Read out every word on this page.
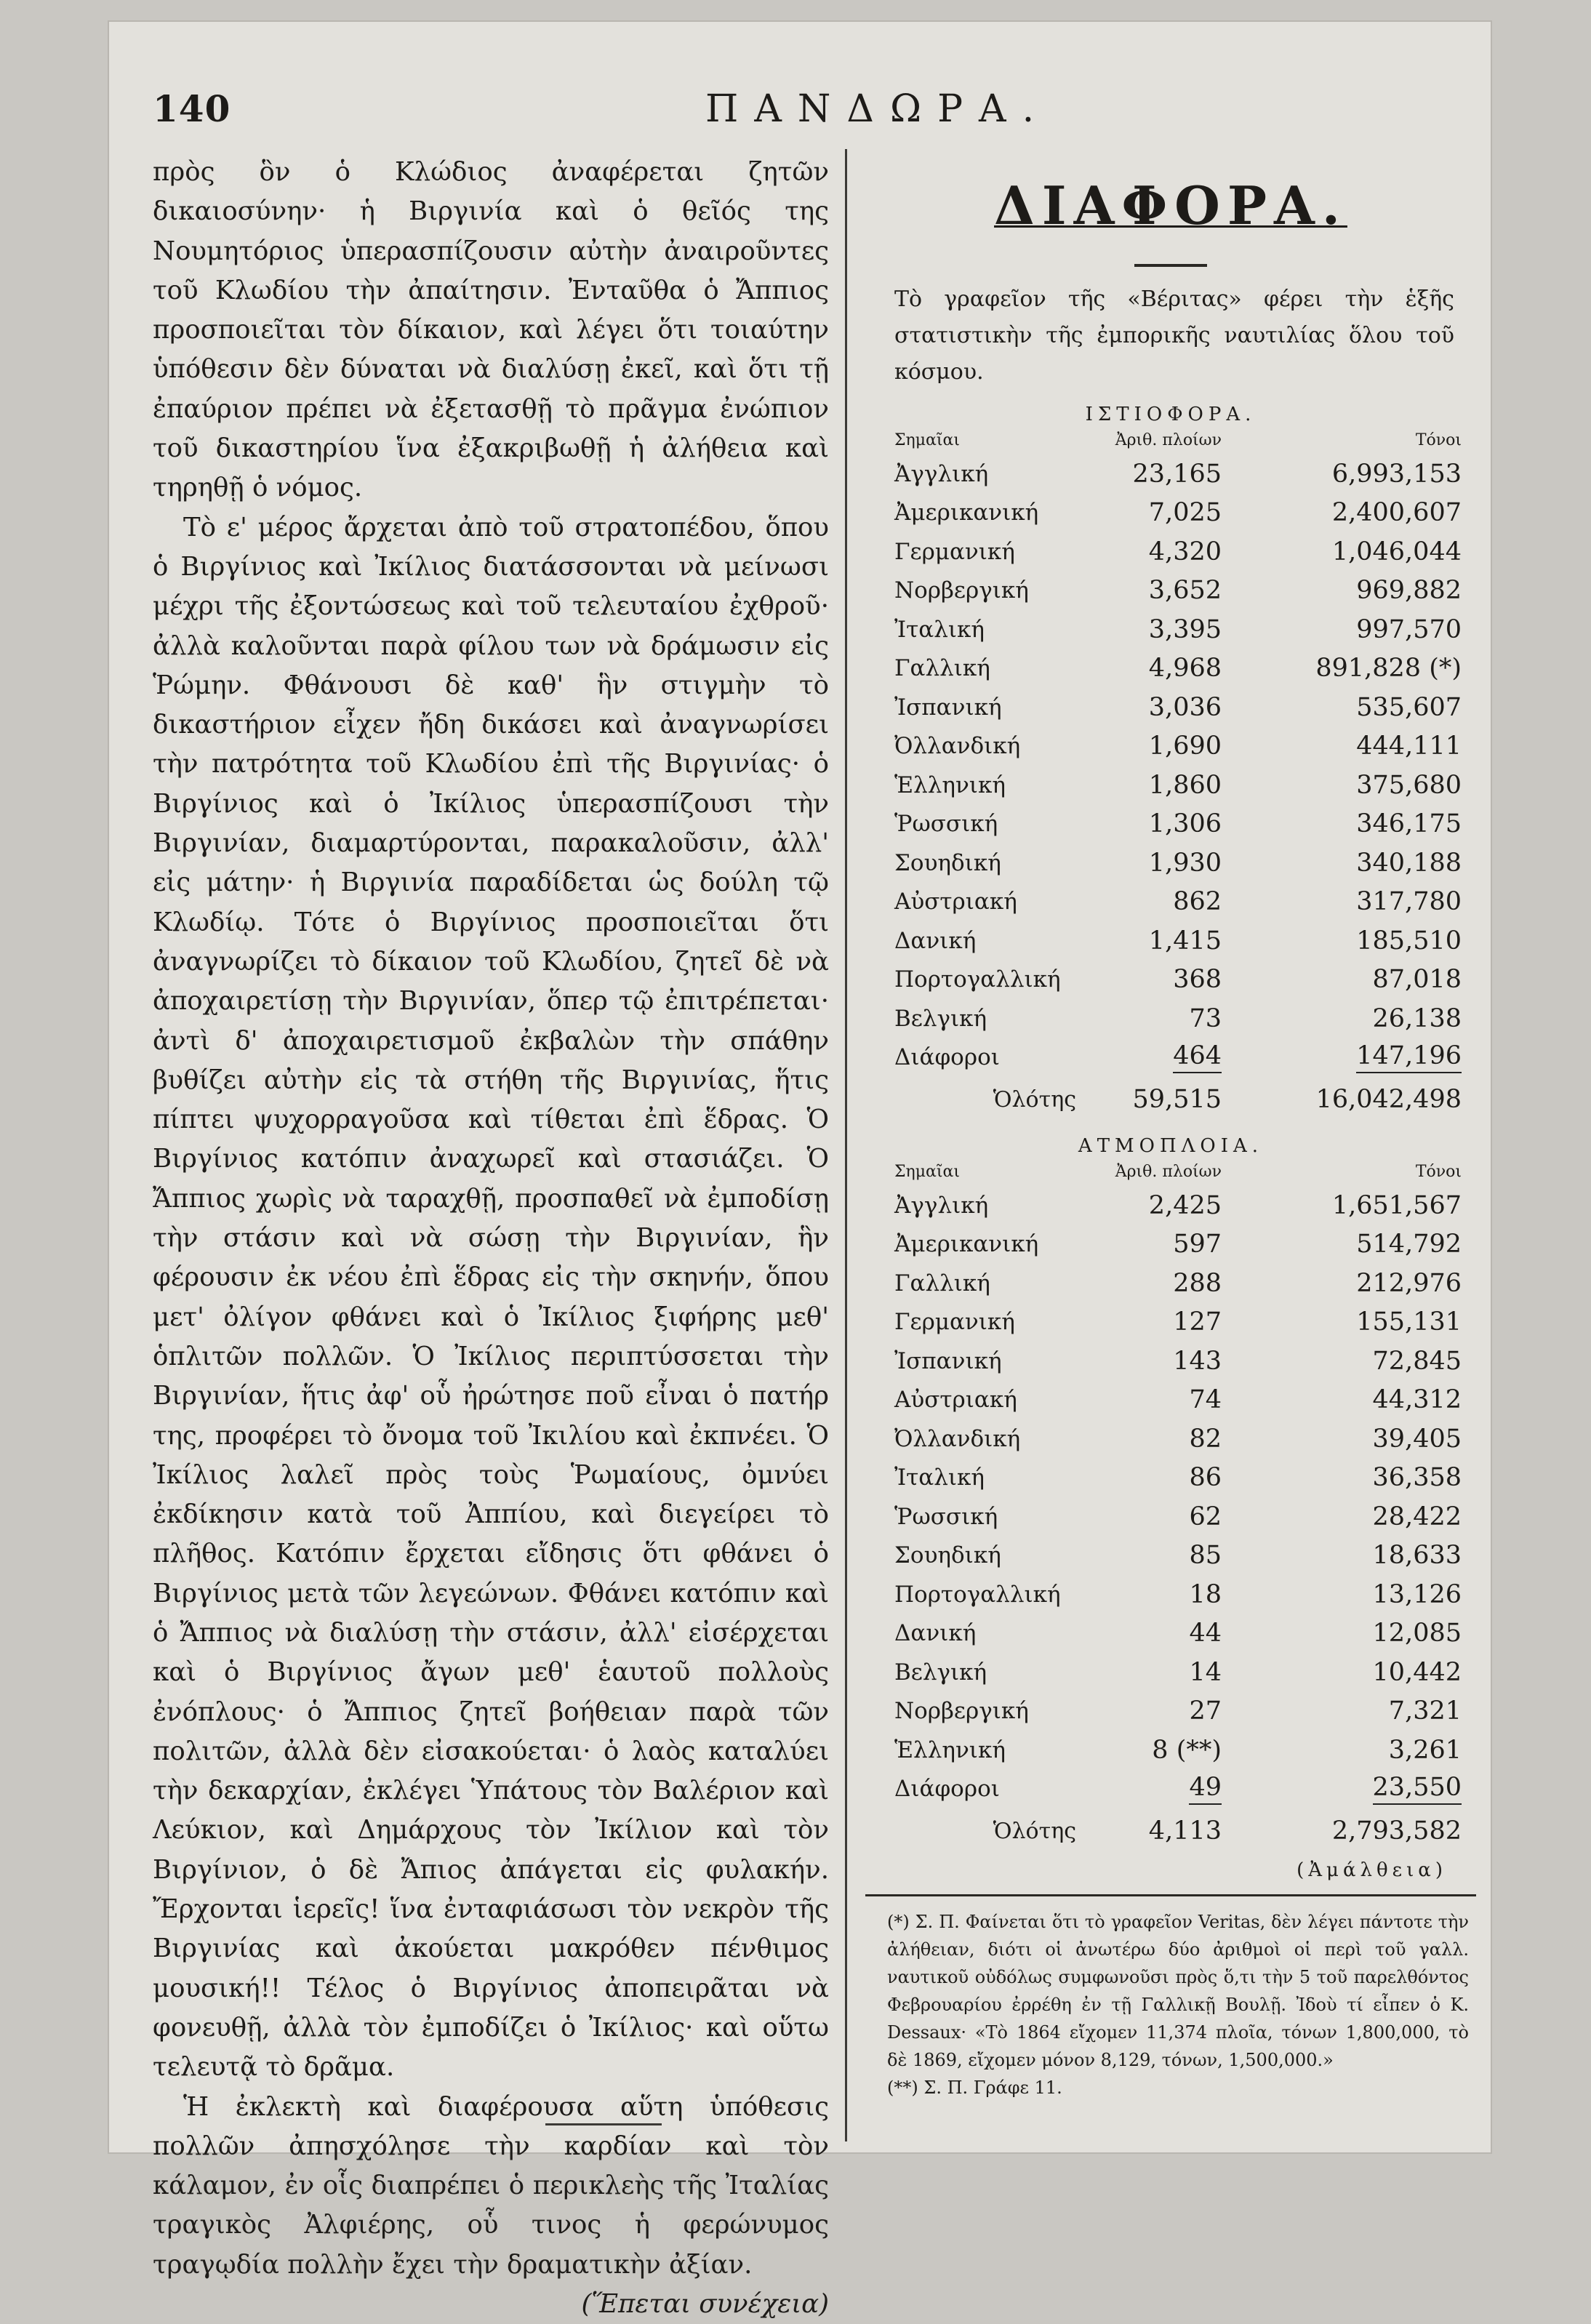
140	ΠΑΝΔΩΡΑ.

πρὸς ὃν ὁ Κλώδιος ἀναφέρεται ζητῶν δικαιοσύνην· ἡ Βιργινία καὶ ὁ θεῖός της Νουμητόριος ὑπερασπίζουσιν αὐτὴν ἀναιροῦντες τοῦ Κλωδίου τὴν ἀπαίτησιν. Ἐνταῦθα ὁ Ἄππιος προσποιεῖται τὸν δίκαιον, καὶ λέγει ὅτι τοιαύτην ὑπόθεσιν δὲν δύναται νὰ διαλύσῃ ἐκεῖ, καὶ ὅτι τῇ ἐπαύριον πρέπει νὰ ἐξετασθῇ τὸ πρᾶγμα ἐνώπιον τοῦ δικαστηρίου ἵνα ἐξακριβωθῇ ἡ ἀλήθεια καὶ τηρηθῇ ὁ νόμος.

Τὸ ε' μέρος ἄρχεται ἀπὸ τοῦ στρατοπέδου, ὅπου ὁ Βιργίνιος καὶ Ἰκίλιος διατάσσονται νὰ μείνωσι μέχρι τῆς ἐξοντώσεως καὶ τοῦ τελευταίου ἐχθροῦ· ἀλλὰ καλοῦνται παρὰ φίλου των νὰ δράμωσιν εἰς Ῥώμην. Φθάνουσι δὲ καθ' ἣν στιγμὴν τὸ δικαστήριον εἶχεν ἤδη δικάσει καὶ ἀναγνωρίσει τὴν πατρότητα τοῦ Κλωδίου ἐπὶ τῆς Βιργινίας· ὁ Βιργίνιος καὶ ὁ Ἰκίλιος ὑπερασπίζουσι τὴν Βιργινίαν, διαμαρτύρονται, παρακαλοῦσιν, ἀλλ' εἰς μάτην· ἡ Βιργινία παραδίδεται ὡς δούλη τῷ Κλωδίῳ. Τότε ὁ Βιργίνιος προσποιεῖται ὅτι ἀναγνωρίζει τὸ δίκαιον τοῦ Κλωδίου, ζητεῖ δὲ νὰ ἀποχαιρετίσῃ τὴν Βιργινίαν, ὅπερ τῷ ἐπιτρέπεται· ἀντὶ δ' ἀποχαιρετισμοῦ ἐκβαλὼν τὴν σπάθην βυθίζει αὐτὴν εἰς τὰ στήθη τῆς Βιργινίας, ἥτις πίπτει ψυχορραγοῦσα καὶ τίθεται ἐπὶ ἕδρας. Ὁ Βιργίνιος κατόπιν ἀναχωρεῖ καὶ στασιάζει. Ὁ Ἄππιος χωρὶς νὰ ταραχθῇ, προσπαθεῖ νὰ ἐμποδίσῃ τὴν στάσιν καὶ νὰ σώσῃ τὴν Βιργινίαν, ἣν φέρουσιν ἐκ νέου ἐπὶ ἕδρας εἰς τὴν σκηνήν, ὅπου μετ' ὀλίγον φθάνει καὶ ὁ Ἰκίλιος ξιφήρης μεθ' ὁπλιτῶν πολλῶν. Ὁ Ἰκίλιος περιπτύσσεται τὴν Βιργινίαν, ἥτις ἀφ' οὗ ἠρώτησε ποῦ εἶναι ὁ πατήρ της, προφέρει τὸ ὄνομα τοῦ Ἰκιλίου καὶ ἐκπνέει. Ὁ Ἰκίλιος λαλεῖ πρὸς τοὺς Ῥωμαίους, ὀμνύει ἐκδίκησιν κατὰ τοῦ Ἀππίου, καὶ διεγείρει τὸ πλῆθος. Κατόπιν ἔρχεται εἴδησις ὅτι φθάνει ὁ Βιργίνιος μετὰ τῶν λεγεώνων. Φθάνει κατόπιν καὶ ὁ Ἄππιος νὰ διαλύσῃ τὴν στάσιν, ἀλλ' εἰσέρχεται καὶ ὁ Βιργίνιος ἄγων μεθ' ἑαυτοῦ πολλοὺς ἐνόπλους· ὁ Ἄππιος ζητεῖ βοήθειαν παρὰ τῶν πολιτῶν, ἀλλὰ δὲν εἰσακούεται· ὁ λαὸς καταλύει τὴν δεκαρχίαν, ἐκλέγει Ὑπάτους τὸν Βαλέριον καὶ Λεύκιον, καὶ Δημάρχους τὸν Ἰκίλιον καὶ τὸν Βιργίνιον, ὁ δὲ Ἄπιος ἀπάγεται εἰς φυλακήν. Ἔρχονται ἱερεῖς! ἵνα ἐνταφιάσωσι τὸν νεκρὸν τῆς Βιργινίας καὶ ἀκούεται μακρόθεν πένθιμος μουσική!! Τέλος ὁ Βιργίνιος ἀποπειρᾶται νὰ φονευθῇ, ἀλλὰ τὸν ἐμποδίζει ὁ Ἰκίλιος· καὶ οὕτω τελευτᾷ τὸ δρᾶμα.

Ἡ ἐκλεκτὴ καὶ διαφέρουσα αὕτη ὑπόθεσις πολλῶν ἀπησχόλησε τὴν καρδίαν καὶ τὸν κάλαμον, ἐν οἷς διαπρέπει ὁ περικλεὴς τῆς Ἰταλίας τραγικὸς Ἀλφιέρης, οὗ τινος ἡ φερώνυμος τραγῳδία πολλὴν ἔχει τὴν δραματικὴν ἀξίαν.

(Ἕπεται συνέχεια)
ΔΙΑΦΟΡΑ.
Τὸ γραφεῖον τῆς «Βέριτας» φέρει τὴν ἑξῆς στατιστικὴν τῆς ἐμπορικῆς ναυτιλίας ὅλου τοῦ κόσμου.
ΙΣΤΙΟΦΟΡΑ.
Σημαῖαι	Ἀριθ. πλοίων	Τόνοι
Ἀγγλική	23,165	6,993,153
Ἀμερικανική	7,025	2,400,607
Γερμανική	4,320	1,046,044
Νορβεργική	3,652	969,882
Ἰταλική	3,395	997,570
Γαλλική	4,968	891,828 (*)
Ἰσπανική	3,036	535,607
Ὀλλανδική	1,690	444,111
Ἑλληνική	1,860	375,680
Ῥωσσική	1,306	346,175
Σουηδική	1,930	340,188
Αὐστριακή	862	317,780
Δανική	1,415	185,510
Πορτογαλλική	368	87,018
Βελγική	73	26,138
Διάφοροι	464	147,196
Ὁλότης	59,515	16,042,498
ΑΤΜΟΠΛΟΙΑ.
Σημαῖαι	Ἀριθ. πλοίων	Τόνοι
Ἀγγλική	2,425	1,651,567
Ἀμερικανική	597	514,792
Γαλλική	288	212,976
Γερμανική	127	155,131
Ἰσπανική	143	72,845
Αὐστριακή	74	44,312
Ὀλλανδική	82	39,405
Ἰταλική	86	36,358
Ῥωσσική	62	28,422
Σουηδική	85	18,633
Πορτογαλλική	18	13,126
Δανική	44	12,085
Βελγική	14	10,442
Νορβεργική	27	7,321
Ἑλληνική	8 (**)	3,261
Διάφοροι	49	23,550
Ὁλότης	4,113	2,793,582
(Ἀμάλθεια)

(*) Σ. Π. Φαίνεται ὅτι τὸ γραφεῖον Veritas, δὲν λέγει πάντοτε τὴν ἀλήθειαν, διότι οἱ ἀνωτέρω δύο ἀριθμοὶ οἱ περὶ τοῦ γαλλ. ναυτικοῦ οὐδόλως συμφωνοῦσι πρὸς ὅ,τι τὴν 5 τοῦ παρελθόντος Φεβρουαρίου ἐρρέθη ἐν τῇ Γαλλικῇ Βουλῇ. Ἰδοὺ τί εἶπεν ὁ Κ. Dessaux· «Τὸ 1864 εἴχομεν 11,374 πλοῖα, τόνων 1,800,000, τὸ δὲ 1869, εἴχομεν μόνον 8,129, τόνων, 1,500,000.»

(**) Σ. Π. Γράφε 11.
